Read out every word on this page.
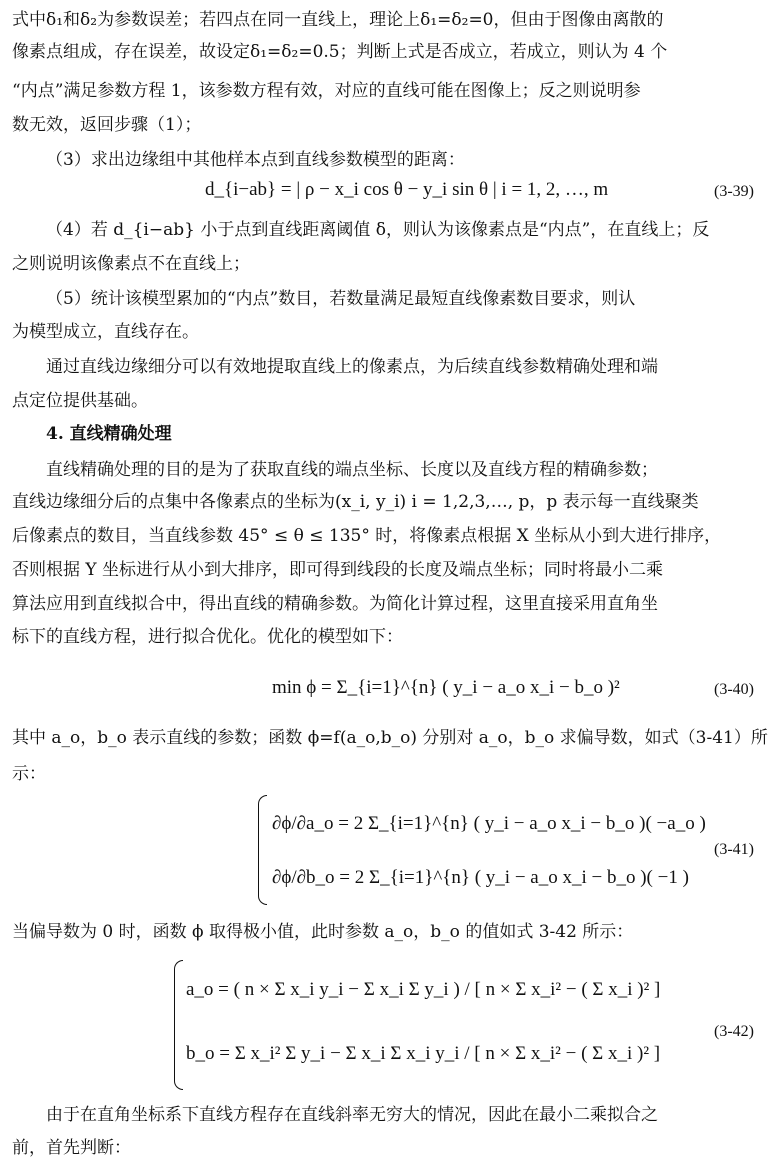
式中δ₁和δ₂为参数误差；若四点在同一直线上，理论上δ₁=δ₂=0，但由于图像由离散的
像素点组成，存在误差，故设定δ₁=δ₂=0.5；判断上式是否成立，若成立，则认为 4 个
“内点”满足参数方程 1，该参数方程有效，对应的直线可能在图像上；反之则说明参
数无效，返回步骤（1）；
（3）求出边缘组中其他样本点到直线参数模型的距离：
d_{i−ab} = | ρ − x_i cos θ − y_i sin θ | i = 1, 2, …, m	(3-39)
（4）若 d_{i−ab} 小于点到直线距离阈值 δ，则认为该像素点是“内点”，在直线上；反
之则说明该像素点不在直线上；
（5）统计该模型累加的“内点”数目，若数量满足最短直线像素数目要求，则认
为模型成立，直线存在。
通过直线边缘细分可以有效地提取直线上的像素点，为后续直线参数精确处理和端
点定位提供基础。
4. 直线精确处理
直线精确处理的目的是为了获取直线的端点坐标、长度以及直线方程的精确参数；
直线边缘细分后的点集中各像素点的坐标为(x_i, y_i) i = 1,2,3,…, p，p 表示每一直线聚类
后像素点的数目，当直线参数 45° ≤ θ ≤ 135° 时，将像素点根据 X 坐标从小到大进行排序，
否则根据 Y 坐标进行从小到大排序，即可得到线段的长度及端点坐标；同时将最小二乘
算法应用到直线拟合中，得出直线的精确参数。为简化计算过程，这里直接采用直角坐
标下的直线方程，进行拟合优化。优化的模型如下：
min ϕ = Σ_{i=1}^{n} ( y_i − a_o x_i − b_o )²	(3-40)
其中 a_o，b_o 表示直线的参数；函数 ϕ=f(a_o,b_o) 分别对 a_o，b_o 求偏导数，如式（3-41）所
示：
∂ϕ/∂a_o = 2 Σ_{i=1}^{n} ( y_i − a_o x_i − b_o )( −a_o )
∂ϕ/∂b_o = 2 Σ_{i=1}^{n} ( y_i − a_o x_i − b_o )( −1 )
(3-41)
当偏导数为 0 时，函数 ϕ 取得极小值，此时参数 a_o，b_o 的值如式 3-42 所示：
a_o = ( n × Σ x_i y_i − Σ x_i Σ y_i ) / [ n × Σ x_i² − ( Σ x_i )² ]
b_o = Σ x_i² Σ y_i − Σ x_i Σ x_i y_i / [ n × Σ x_i² − ( Σ x_i )² ]
(3-42)
由于在直角坐标系下直线方程存在直线斜率无穷大的情况，因此在最小二乘拟合之
前，首先判断：
